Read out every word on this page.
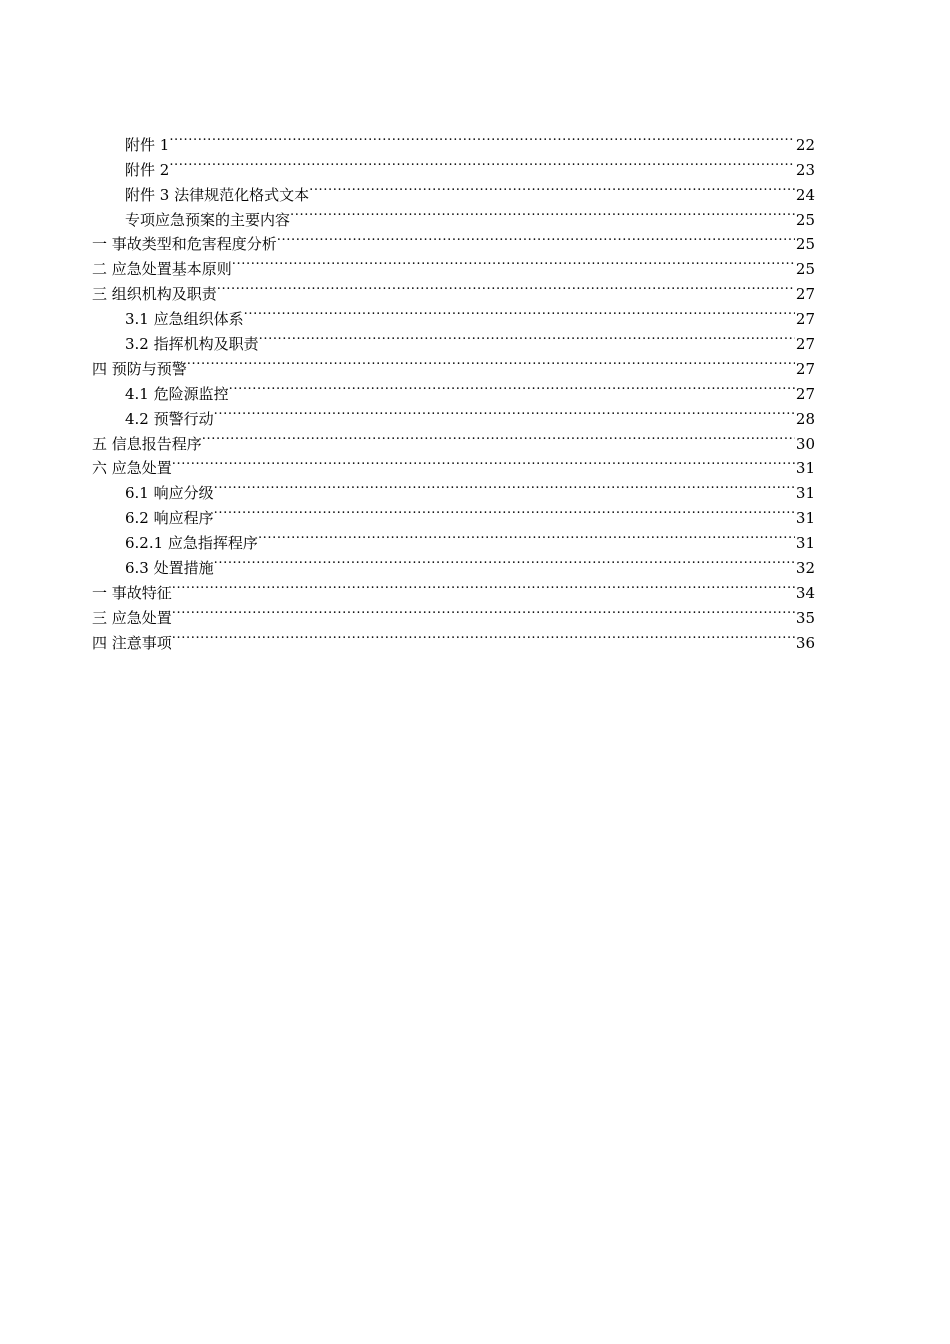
附件 1 .....	22
附件 2 .....	23
附件 3 法律规范化格式文本 .....	24
专项应急预案的主要内容 .....	25
一 事故类型和危害程度分析 .....	25
二 应急处置基本原则 .....	25
三 组织机构及职责 .....	27
3.1 应急组织体系 .....	27
3.2 指挥机构及职责 .....	27
四 预防与预警 .....	27
4.1 危险源监控 .....	27
4.2 预警行动 .....	28
五 信息报告程序 .....	30
六 应急处置 .....	31
6.1 响应分级 .....	31
6.2 响应程序 .....	31
6.2.1 应急指挥程序 .....	31
6.3 处置措施 .....	32
一 事故特征 .....	34
三 应急处置 .....	35
四 注意事项 .....	36
